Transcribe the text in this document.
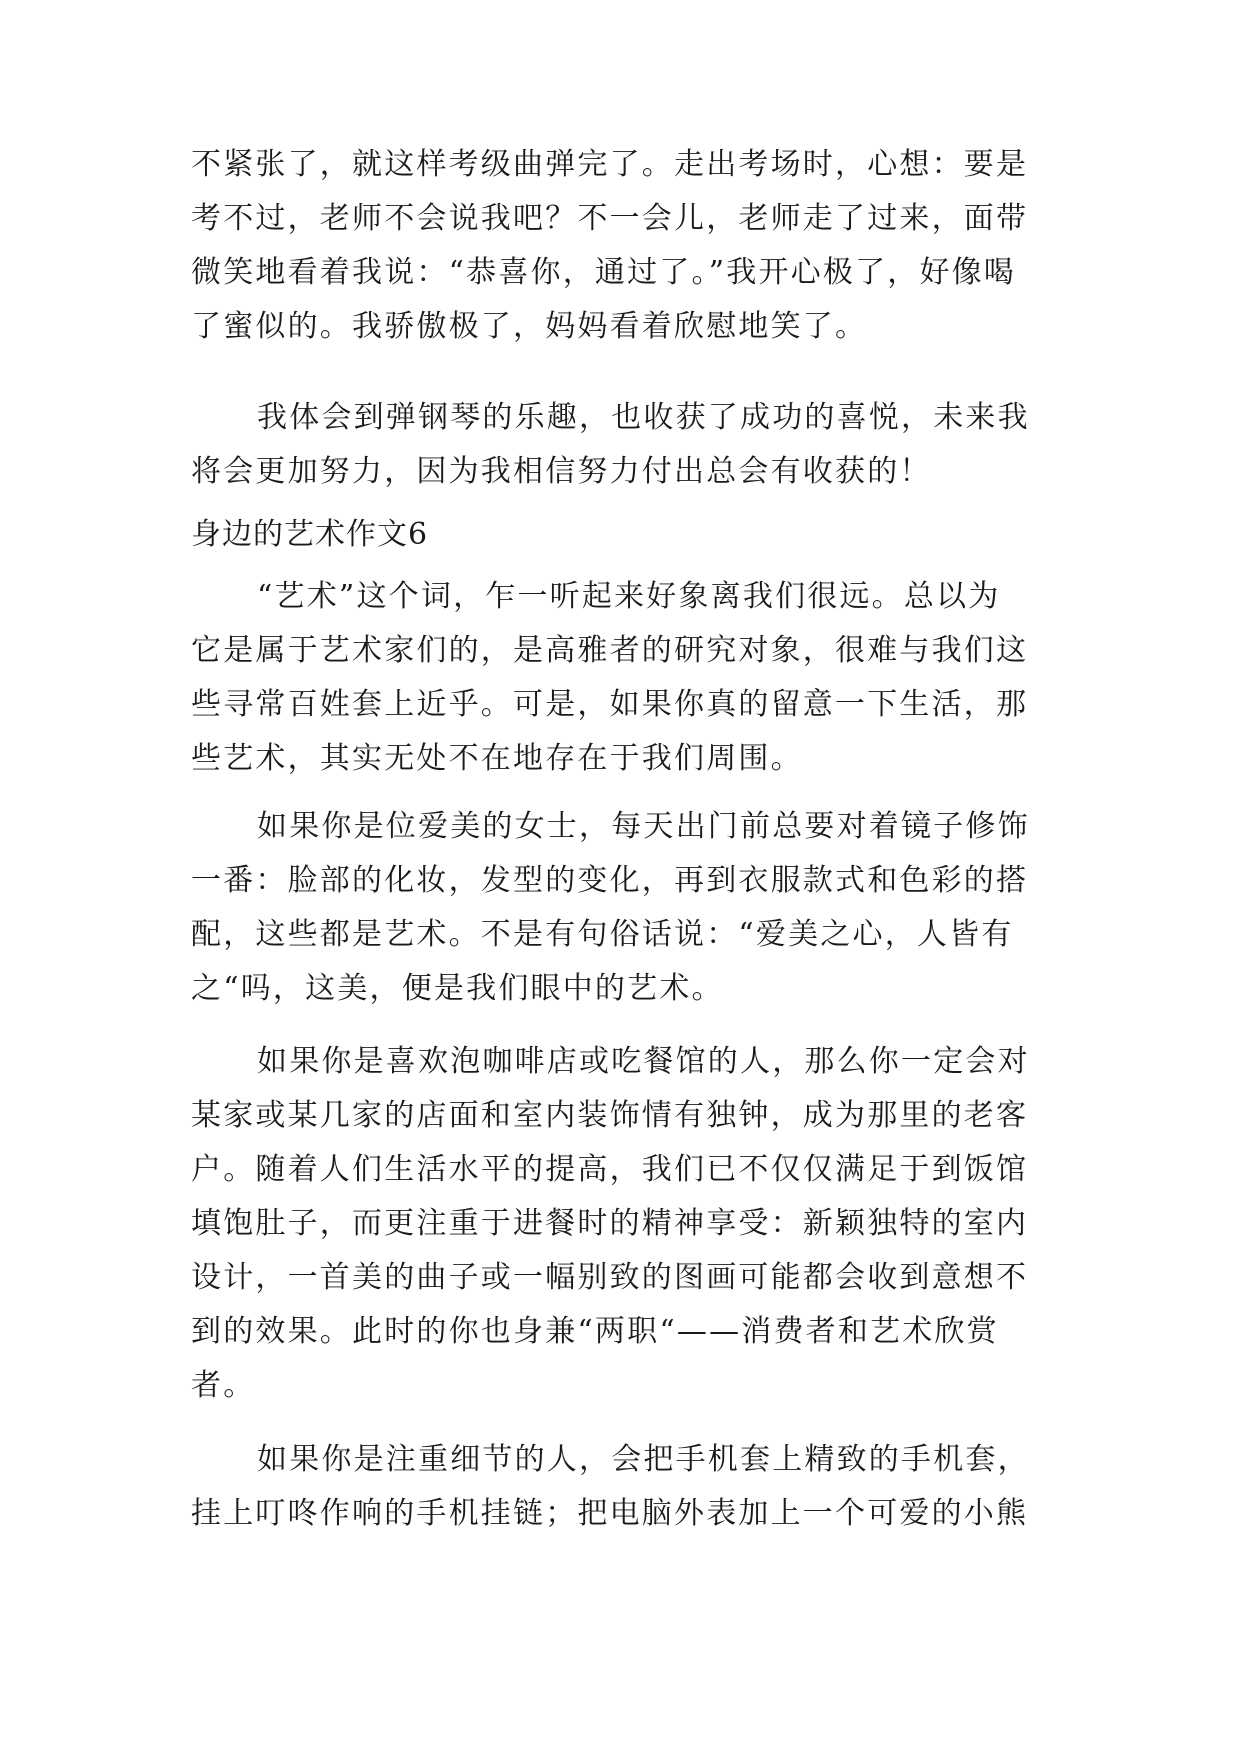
不紧张了，就这样考级曲弹完了。走出考场时，心想：要是
考不过，老师不会说我吧？不一会儿，老师走了过来，面带
微笑地看着我说：“恭喜你，通过了。”我开心极了，好像喝
了蜜似的。我骄傲极了，妈妈看着欣慰地笑了。
我体会到弹钢琴的乐趣，也收获了成功的喜悦，未来我
将会更加努力，因为我相信努力付出总会有收获的！
身边的艺术作文6
“艺术”这个词，乍一听起来好象离我们很远。总以为
它是属于艺术家们的，是高雅者的研究对象，很难与我们这
些寻常百姓套上近乎。可是，如果你真的留意一下生活，那
些艺术，其实无处不在地存在于我们周围。
如果你是位爱美的女士，每天出门前总要对着镜子修饰
一番：脸部的化妆，发型的变化，再到衣服款式和色彩的搭
配，这些都是艺术。不是有句俗话说：“爱美之心，人皆有
之“吗，这美，便是我们眼中的艺术。
如果你是喜欢泡咖啡店或吃餐馆的人，那么你一定会对
某家或某几家的店面和室内装饰情有独钟，成为那里的老客
户。随着人们生活水平的提高，我们已不仅仅满足于到饭馆
填饱肚子，而更注重于进餐时的精神享受：新颖独特的室内
设计，一首美的曲子或一幅别致的图画可能都会收到意想不
到的效果。此时的你也身兼“两职“——消费者和艺术欣赏
者。
如果你是注重细节的人，会把手机套上精致的手机套，
挂上叮咚作响的手机挂链；把电脑外表加上一个可爱的小熊
